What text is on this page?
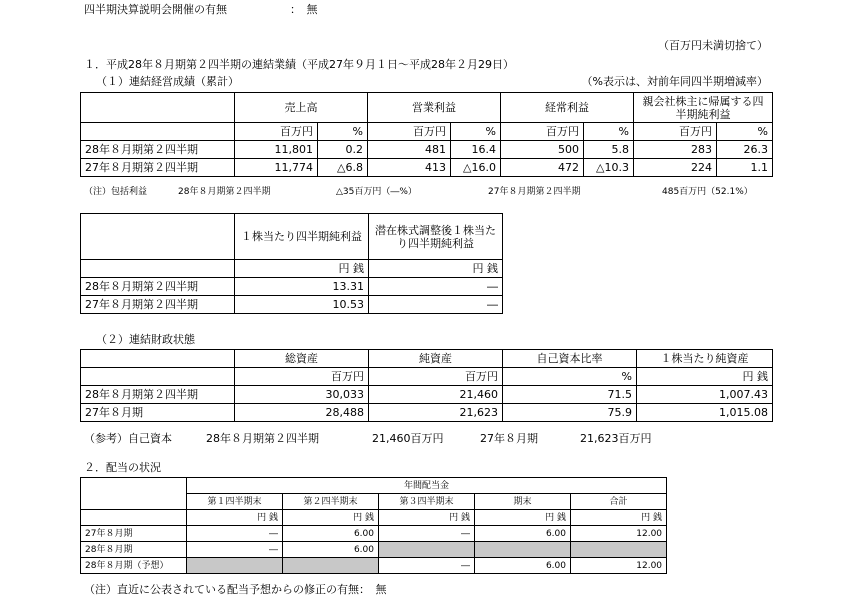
四半期決算説明会開催の有無	：　無
（百万円未満切捨て）
１．平成28年８月期第２四半期の連結業績（平成27年９月１日～平成28年２月29日）
（１）連結経営成績（累計）	（%表示は、対前年同四半期増減率）
	売上高		営業利益		経常利益		親会社株主に帰属する四半期純利益	
	百万円	%	百万円	%	百万円	%	百万円	%
28年８月期第２四半期	11,801	0.2	481	16.4	500	5.8	283	26.3
27年８月期第２四半期	11,774	△6.8	413	△16.0	472	△10.3	224	1.1
（注）包括利益	28年８月期第２四半期	△35百万円（―%）	27年８月期第２四半期	485百万円（52.1%）
	１株当たり四半期純利益	潜在株式調整後１株当たり四半期純利益
	円 銭	円 銭
28年８月期第２四半期	13.31	―
27年８月期第２四半期	10.53	―
（２）連結財政状態
	総資産	純資産	自己資本比率	１株当たり純資産
	百万円	百万円	%	円 銭
28年８月期第２四半期	30,033	21,460	71.5	1,007.43
27年８月期	28,488	21,623	75.9	1,015.08
（参考）自己資本	28年８月期第２四半期	21,460百万円	27年８月期	21,623百万円
２．配当の状況
	年間配当金				
	第１四半期末	第２四半期末	第３四半期末	期末	合計
	円 銭	円 銭	円 銭	円 銭	円 銭
27年８月期	―	6.00	―	6.00	12.00
28年８月期	―	6.00			
28年８月期（予想）			―	6.00	12.00
（注）直近に公表されている配当予想からの修正の有無：　無
